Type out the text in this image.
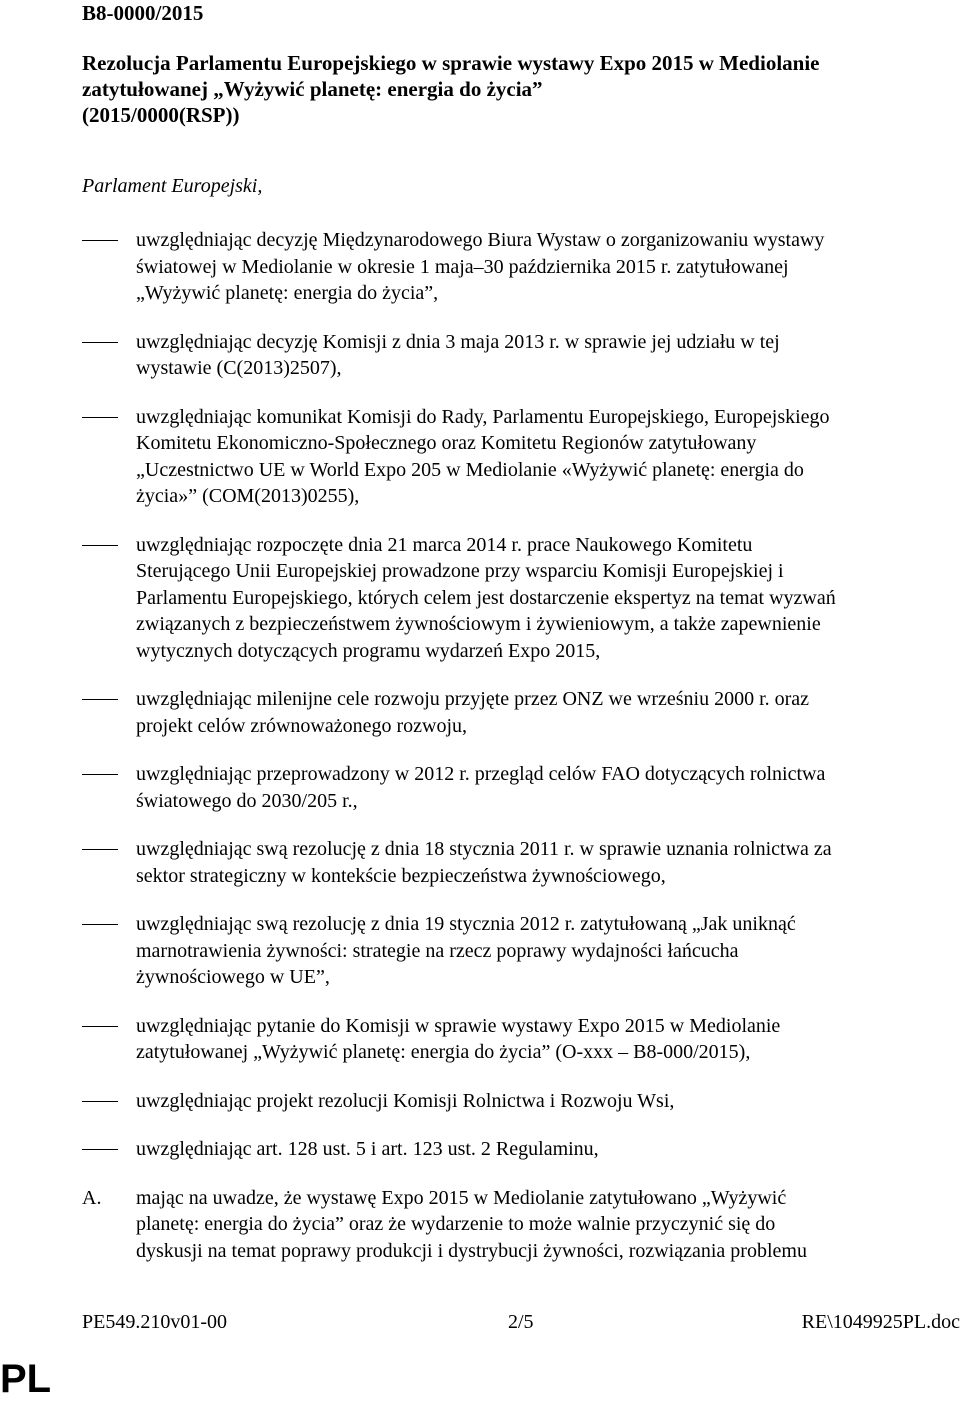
B8-0000/2015

Rezolucja Parlamentu Europejskiego w sprawie wystawy Expo 2015 w Mediolanie
zatytułowanej „Wyżywić planetę: energia do życia”
(2015/0000(RSP))

Parlament Europejski,

uwzględniając decyzję Międzynarodowego Biura Wystaw o zorganizowaniu wystawy
światowej w Mediolanie w okresie 1 maja–30 października 2015 r. zatytułowanej
„Wyżywić planetę: energia do życia”,
uwzględniając decyzję Komisji z dnia 3 maja 2013 r. w sprawie jej udziału w tej
wystawie (C(2013)2507),
uwzględniając komunikat Komisji do Rady, Parlamentu Europejskiego, Europejskiego
Komitetu Ekonomiczno-Społecznego oraz Komitetu Regionów zatytułowany
„Uczestnictwo UE w World Expo 205 w Mediolanie «Wyżywić planetę: energia do
życia»” (COM(2013)0255),
uwzględniając rozpoczęte dnia 21 marca 2014 r. prace Naukowego Komitetu
Sterującego Unii Europejskiej prowadzone przy wsparciu Komisji Europejskiej i
Parlamentu Europejskiego, których celem jest dostarczenie ekspertyz na temat wyzwań
związanych z bezpieczeństwem żywnościowym i żywieniowym, a także zapewnienie
wytycznych dotyczących programu wydarzeń Expo 2015,
uwzględniając milenijne cele rozwoju przyjęte przez ONZ we wrześniu 2000 r. oraz
projekt celów zrównoważonego rozwoju,
uwzględniając przeprowadzony w 2012 r. przegląd celów FAO dotyczących rolnictwa
światowego do 2030/205 r.,
uwzględniając swą rezolucję z dnia 18 stycznia 2011 r. w sprawie uznania rolnictwa za
sektor strategiczny w kontekście bezpieczeństwa żywnościowego,
uwzględniając swą rezolucję z dnia 19 stycznia 2012 r. zatytułowaną „Jak uniknąć
marnotrawienia żywności: strategie na rzecz poprawy wydajności łańcucha
żywnościowego w UE”,
uwzględniając pytanie do Komisji w sprawie wystawy Expo 2015 w Mediolanie
zatytułowanej „Wyżywić planetę: energia do życia” (O-xxx – B8-000/2015),
uwzględniając projekt rezolucji Komisji Rolnictwa i Rozwoju Wsi,
uwzględniając art. 128 ust. 5 i art. 123 ust. 2 Regulaminu,
A. mając na uwadze, że wystawę Expo 2015 w Mediolanie zatytułowano „Wyżywić
planetę: energia do życia” oraz że wydarzenie to może walnie przyczynić się do
dyskusji na temat poprawy produkcji i dystrybucji żywności, rozwiązania problemu
PE549.210v01-00	2/5	RE\1049925PL.doc
PL
